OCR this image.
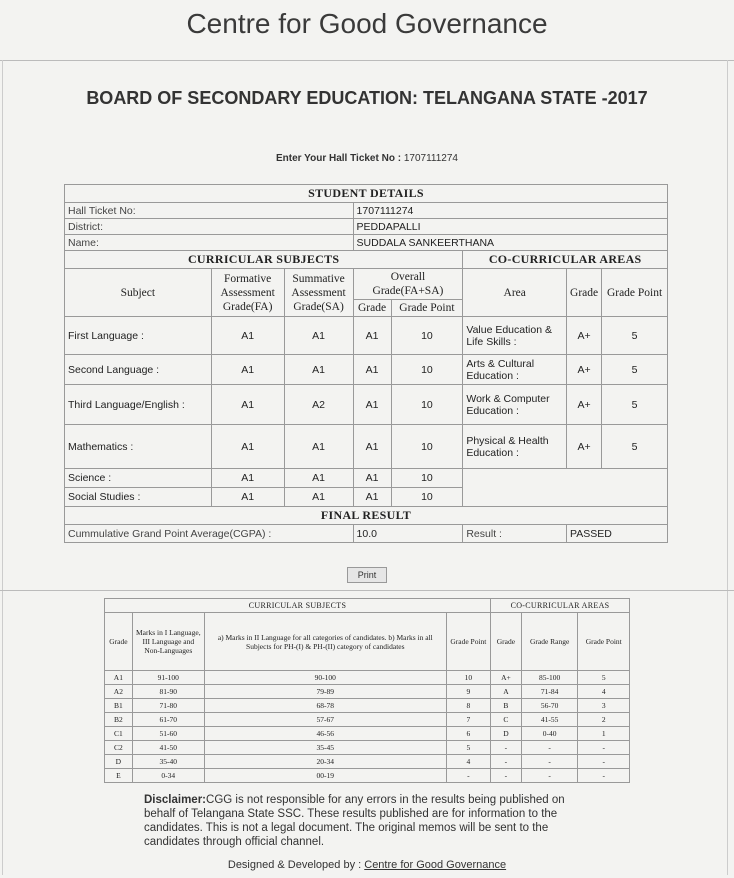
Centre for Good Governance
BOARD OF SECONDARY EDUCATION: TELANGANA STATE -2017
Enter Your Hall Ticket No : 1707111274
STUDENT DETAILS							
Hall Ticket No:			1707111274				
District:			PEDDAPALLI				
Name:			SUDDALA SANKEERTHANA				
CURRICULAR SUBJECTS					CO-CURRICULAR AREAS		
Subject	Formative Assessment Grade(FA)	Summative Assessment Grade(SA)	Overall Grade(FA+SA)		Area	Grade	Grade Point
			Grade	Grade Point			
First Language :	A1	A1	A1	10	Value Education & Life Skills :	A+	5
Second Language :	A1	A1	A1	10	Arts & Cultural Education :	A+	5
Third Language/English :	A1	A2	A1	10	Work & Computer Education :	A+	5
Mathematics :	A1	A1	A1	10	Physical & Health Education :	A+	5
Science :	A1	A1	A1	10			
Social Studies :	A1	A1	A1	10			
FINAL RESULT							
Cummulative Grand Point Average(CGPA) :			10.0		Result :	PASSED	
Print
CURRICULAR SUBJECTS				CO-CURRICULAR AREAS		
Grade	Marks in I Language, III Language and Non-Languages	a) Marks in II Language for all categories of candidates. b) Marks in all Subjects for PH-(I) & PH-(II) category of candidates	Grade Point	Grade	Grade Range	Grade Point
A1	91-100	90-100	10	A+	85-100	5
A2	81-90	79-89	9	A	71-84	4
B1	71-80	68-78	8	B	56-70	3
B2	61-70	57-67	7	C	41-55	2
C1	51-60	46-56	6	D	0-40	1
C2	41-50	35-45	5	-	-	-
D	35-40	20-34	4	-	-	-
E	0-34	00-19	-	-	-	-
Disclaimer:CGG is not responsible for any errors in the results being published on behalf of Telangana State SSC. These results published are for information to the candidates. This is not a legal document. The original memos will be sent to the candidates through official channel.
Designed & Developed by : Centre for Good Governance
